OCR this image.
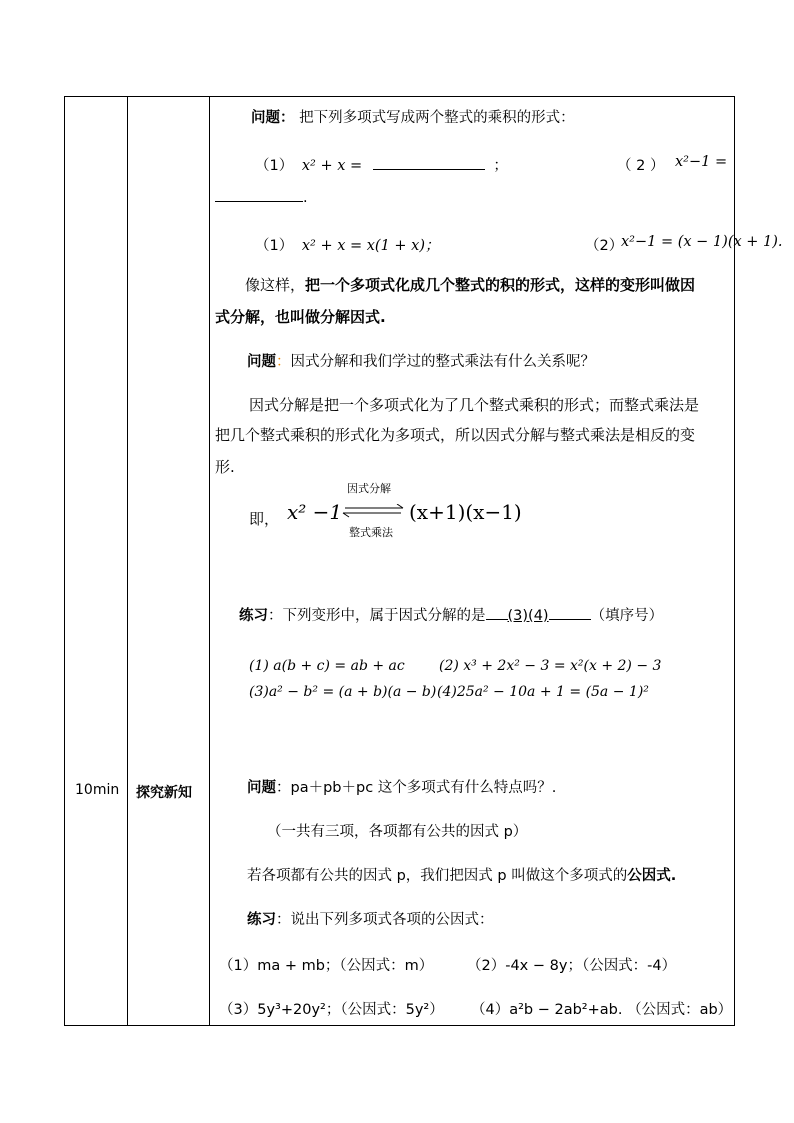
10min 探究新知
问题： 把下列多项式写成两个整式的乘积的形式：
（1） x² + x =	；	（ 2 ） x²−1 =
.
（1） x² + x = x(1 + x)；	（2）
x²−1 = (x − 1)(x + 1).
像这样，把一个多项式化成几个整式的积的形式，这样的变形叫做因
式分解，也叫做分解因式.
问题：因式分解和我们学过的整式乘法有什么关系呢？
因式分解是把一个多项式化为了几个整式乘积的形式；而整式乘法是
把几个整式乘积的形式化为多项式，所以因式分解与整式乘法是相反的变
形.
即， x² −1
因式分解
整式乘法
(x+1)(x−1)
练习：下列变形中，属于因式分解的是 (3)(4)	（填序号）
(1) a(b + c) = ab + ac (2) x³ + 2x² − 3 = x²(x + 2) − 3
(3)a² − b² = (a + b)(a − b) (4)25a² − 10a + 1 = (5a − 1)²
问题：pa＋pb＋pc 这个多项式有什么特点吗？.
（一共有三项，各项都有公共的因式 p）
若各项都有公共的因式 p，我们把因式 p 叫做这个多项式的公因式.
练习：说出下列多项式各项的公因式：
（1）ma + mb；（公因式：m） （2）-4x − 8y；（公因式：-4）
（3）5y³+20y²；（公因式：5y²） （4）a²b − 2ab²+ab. （公因式：ab）
